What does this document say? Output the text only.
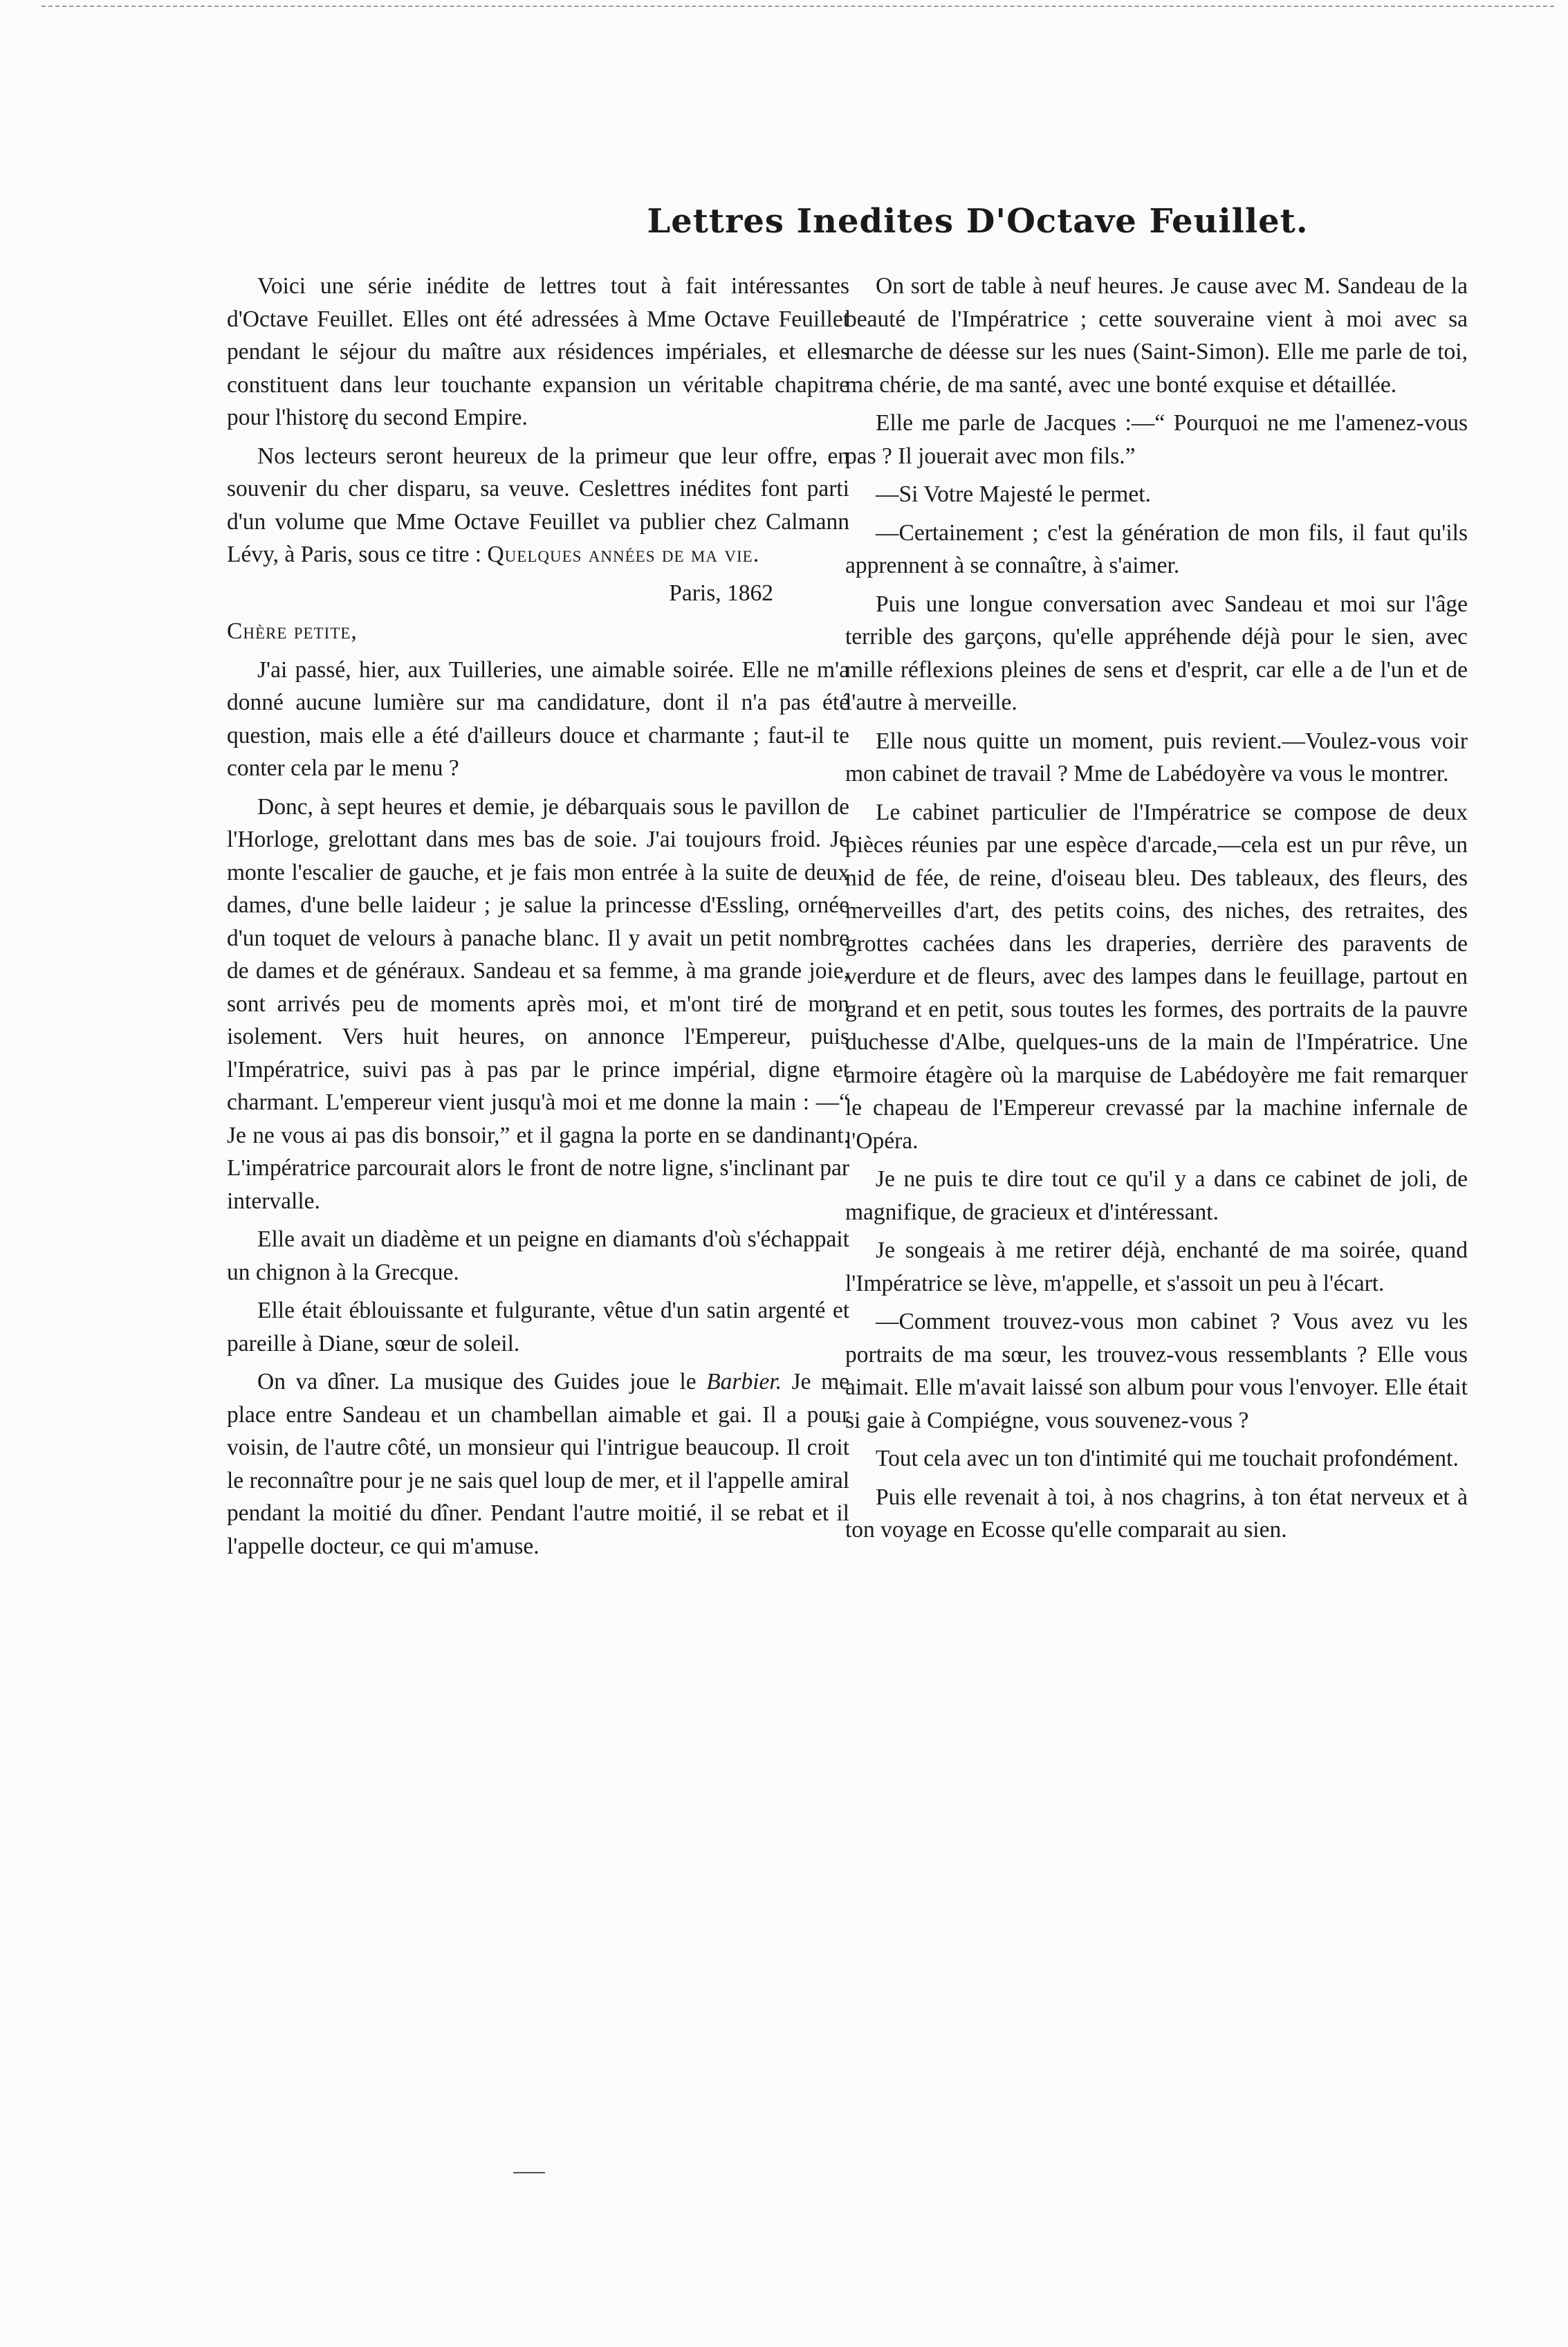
Lettres Inedites D'Octave Feuillet.

Voici une série inédite de lettres tout à fait intéressantes d'Octave Feuillet. Elles ont été adressées à Mme Octave Feuillet pendant le séjour du maître aux résidences impériales, et elles constituent dans leur touchante expansion un véritable chapitre pour l'historę du second Empire.

Nos lecteurs seront heureux de la primeur que leur offre, en souvenir du cher disparu, sa veuve. Ceslettres inédites font parti d'un volume que Mme Octave Feuillet va publier chez Calmann Lévy, à Paris, sous ce titre : Quelques années de ma vie.

Paris, 1862

Chère petite,

J'ai passé, hier, aux Tuilleries, une aimable soirée. Elle ne m'a donné aucune lumière sur ma candidature, dont il n'a pas été question, mais elle a été d'ailleurs douce et charmante ; faut-il te conter cela par le menu ?

Donc, à sept heures et demie, je débarquais sous le pavillon de l'Horloge, grelottant dans mes bas de soie. J'ai toujours froid. Je monte l'escalier de gauche, et je fais mon entrée à la suite de deux dames, d'une belle laideur ; je salue la princesse d'Essling, ornée d'un toquet de velours à panache blanc. Il y avait un petit nombre de dames et de généraux. Sandeau et sa femme, à ma grande joie, sont arrivés peu de moments après moi, et m'ont tiré de mon isolement. Vers huit heures, on annonce l'Empereur, puis l'Impératrice, suivi pas à pas par le prince impérial, digne et charmant. L'empereur vient jusqu'à moi et me donne la main : —“ Je ne vous ai pas dis bonsoir,” et il gagna la porte en se dandinant. L'impératrice parcourait alors le front de notre ligne, s'inclinant par intervalle.

Elle avait un diadème et un peigne en diamants d'où s'échappait un chignon à la Grecque.

Elle était éblouissante et fulgurante, vêtue d'un satin argenté et pareille à Diane, sœur de soleil.

On va dîner. La musique des Guides joue le Barbier. Je me place entre Sandeau et un chambellan aimable et gai. Il a pour voisin, de l'autre côté, un monsieur qui l'intrigue beaucoup. Il croit le reconnaître pour je ne sais quel loup de mer, et il l'appelle amiral pendant la moitié du dîner. Pendant l'autre moitié, il se rebat et il l'appelle docteur, ce qui m'amuse.

On sort de table à neuf heures. Je cause avec M. Sandeau de la beauté de l'Impératrice ; cette souveraine vient à moi avec sa marche de déesse sur les nues (Saint-Simon). Elle me parle de toi, ma chérie, de ma santé, avec une bonté exquise et détaillée.

Elle me parle de Jacques :—“ Pourquoi ne me l'amenez-vous pas ? Il jouerait avec mon fils.”

—Si Votre Majesté le permet.

—Certainement ; c'est la génération de mon fils, il faut qu'ils apprennent à se connaître, à s'aimer.

Puis une longue conversation avec Sandeau et moi sur l'âge terrible des garçons, qu'elle appréhende déjà pour le sien, avec mille réflexions pleines de sens et d'esprit, car elle a de l'un et de l'autre à merveille.

Elle nous quitte un moment, puis revient.—Voulez-vous voir mon cabinet de travail ? Mme de Labédoyère va vous le montrer.

Le cabinet particulier de l'Impératrice se compose de deux pièces réunies par une espèce d'arcade,—cela est un pur rêve, un nid de fée, de reine, d'oiseau bleu. Des tableaux, des fleurs, des merveilles d'art, des petits coins, des niches, des retraites, des grottes cachées dans les draperies, derrière des paravents de verdure et de fleurs, avec des lampes dans le feuillage, partout en grand et en petit, sous toutes les formes, des portraits de la pauvre duchesse d'Albe, quelques-uns de la main de l'Impératrice. Une armoire étagère où la marquise de Labédoyère me fait remarquer le chapeau de l'Empereur crevassé par la machine infernale de l'Opéra.

Je ne puis te dire tout ce qu'il y a dans ce cabinet de joli, de magnifique, de gracieux et d'intéressant.

Je songeais à me retirer déjà, enchanté de ma soirée, quand l'Impératrice se lève, m'appelle, et s'assoit un peu à l'écart.

—Comment trouvez-vous mon cabinet ? Vous avez vu les portraits de ma sœur, les trouvez-vous ressemblants ? Elle vous aimait. Elle m'avait laissé son album pour vous l'envoyer. Elle était si gaie à Compiégne, vous souvenez-vous ?

Tout cela avec un ton d'intimité qui me touchait profondément.

Puis elle revenait à toi, à nos chagrins, à ton état nerveux et à ton voyage en Ecosse qu'elle comparait au sien.
